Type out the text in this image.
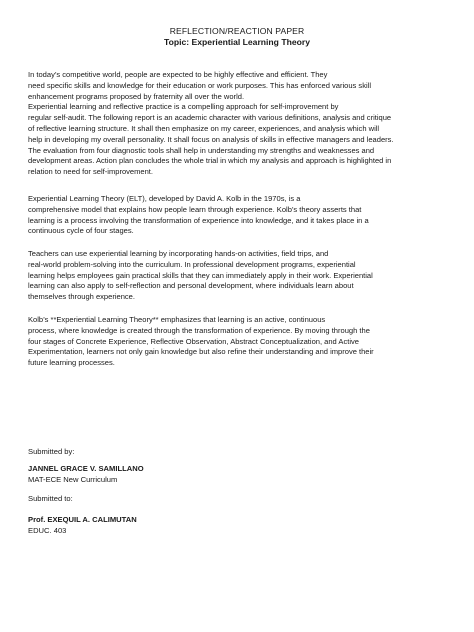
REFLECTION/REACTION PAPER
Topic: Experiential Learning Theory

In today’s competitive world, people are expected to be highly effective and efficient. They
need specific skills and knowledge for their education or work purposes. This has enforced various skill
enhancement programs proposed by fraternity all over the world.
Experiential learning and reflective practice is a compelling approach for self-improvement by
regular self-audit. The following report is an academic character with various definitions, analysis and critique
of reflective learning structure. It shall then emphasize on my career, experiences, and analysis which will
help in developing my overall personality. It shall focus on analysis of skills in effective managers and leaders.
The evaluation from four diagnostic tools shall help in understanding my strengths and weaknesses and
development areas. Action plan concludes the whole trial in which my analysis and approach is highlighted in
relation to need for self-improvement.

Experiential Learning Theory (ELT), developed by David A. Kolb in the 1970s, is a
comprehensive model that explains how people learn through experience. Kolb’s theory asserts that
learning is a process involving the transformation of experience into knowledge, and it takes place in a
continuous cycle of four stages.

Teachers can use experiential learning by incorporating hands-on activities, field trips, and
real-world problem-solving into the curriculum. In professional development programs, experiential
learning helps employees gain practical skills that they can immediately apply in their work. Experiential
learning can also apply to self-reflection and personal development, where individuals learn about
themselves through experience.

Kolb’s **Experiential Learning Theory** emphasizes that learning is an active, continuous
process, where knowledge is created through the transformation of experience. By moving through the
four stages of Concrete Experience, Reflective Observation, Abstract Conceptualization, and Active
Experimentation, learners not only gain knowledge but also refine their understanding and improve their
future learning processes.

Submitted by:
JANNEL GRACE V. SAMILLANO
MAT-ECE New Curriculum
Submitted to:
Prof. EXEQUIL A. CALIMUTAN
EDUC. 403
